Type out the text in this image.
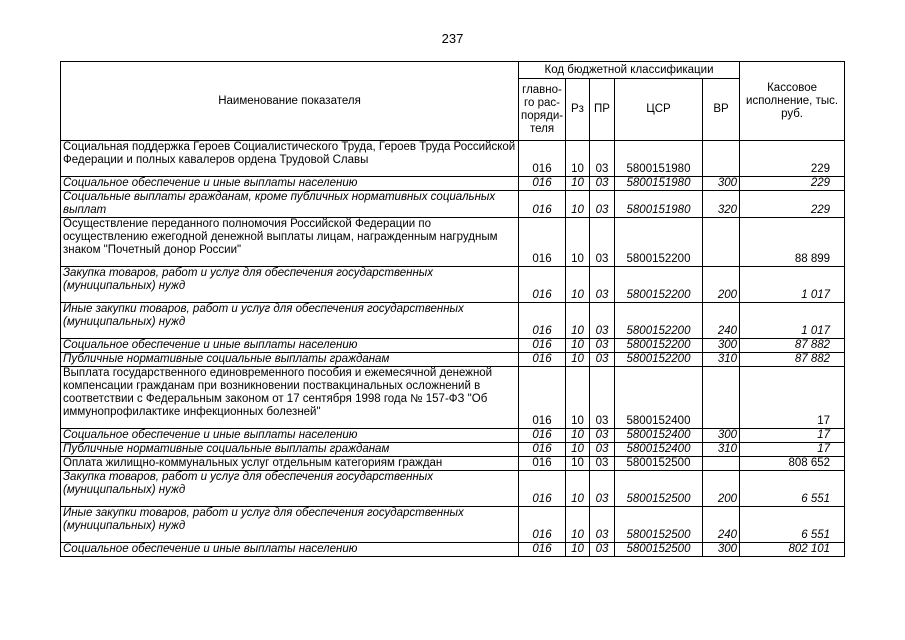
237
Наименование показателя	Код бюджетной классификации					Кассовое исполнение, тыс. руб.
	главно-го рас-поряди-теля	Рз	ПР	ЦСР	ВР	
Социальная поддержка Героев Социалистического Труда, Героев Труда Российской Федерации и полных кавалеров ордена Трудовой Славы	016	10	03	5800151980		229
Социальное обеспечение и иные выплаты населению	016	10	03	5800151980	300	229
Социальные выплаты гражданам, кроме публичных нормативных социальных выплат	016	10	03	5800151980	320	229
Осуществление переданного полномочия Российской Федерации по осуществлению ежегодной денежной выплаты лицам, награжденным нагрудным знаком "Почетный донор России"	016	10	03	5800152200		88 899
Закупка товаров, работ и услуг для обеспечения государственных (муниципальных) нужд	016	10	03	5800152200	200	1 017
Иные закупки товаров, работ и услуг для обеспечения государственных (муниципальных) нужд	016	10	03	5800152200	240	1 017
Социальное обеспечение и иные выплаты населению	016	10	03	5800152200	300	87 882
Публичные нормативные социальные выплаты гражданам	016	10	03	5800152200	310	87 882
Выплата государственного единовременного пособия и ежемесячной денежной компенсации гражданам при возникновении поствакцинальных осложнений в соответствии с Федеральным законом от 17 сентября 1998 года № 157-ФЗ "Об иммунопрофилактике инфекционных болезней"	016	10	03	5800152400		17
Социальное обеспечение и иные выплаты населению	016	10	03	5800152400	300	17
Публичные нормативные социальные выплаты гражданам	016	10	03	5800152400	310	17
Оплата жилищно-коммунальных услуг отдельным категориям граждан	016	10	03	5800152500		808 652
Закупка товаров, работ и услуг для обеспечения государственных (муниципальных) нужд	016	10	03	5800152500	200	6 551
Иные закупки товаров, работ и услуг для обеспечения государственных (муниципальных) нужд	016	10	03	5800152500	240	6 551
Социальное обеспечение и иные выплаты населению	016	10	03	5800152500	300	802 101
